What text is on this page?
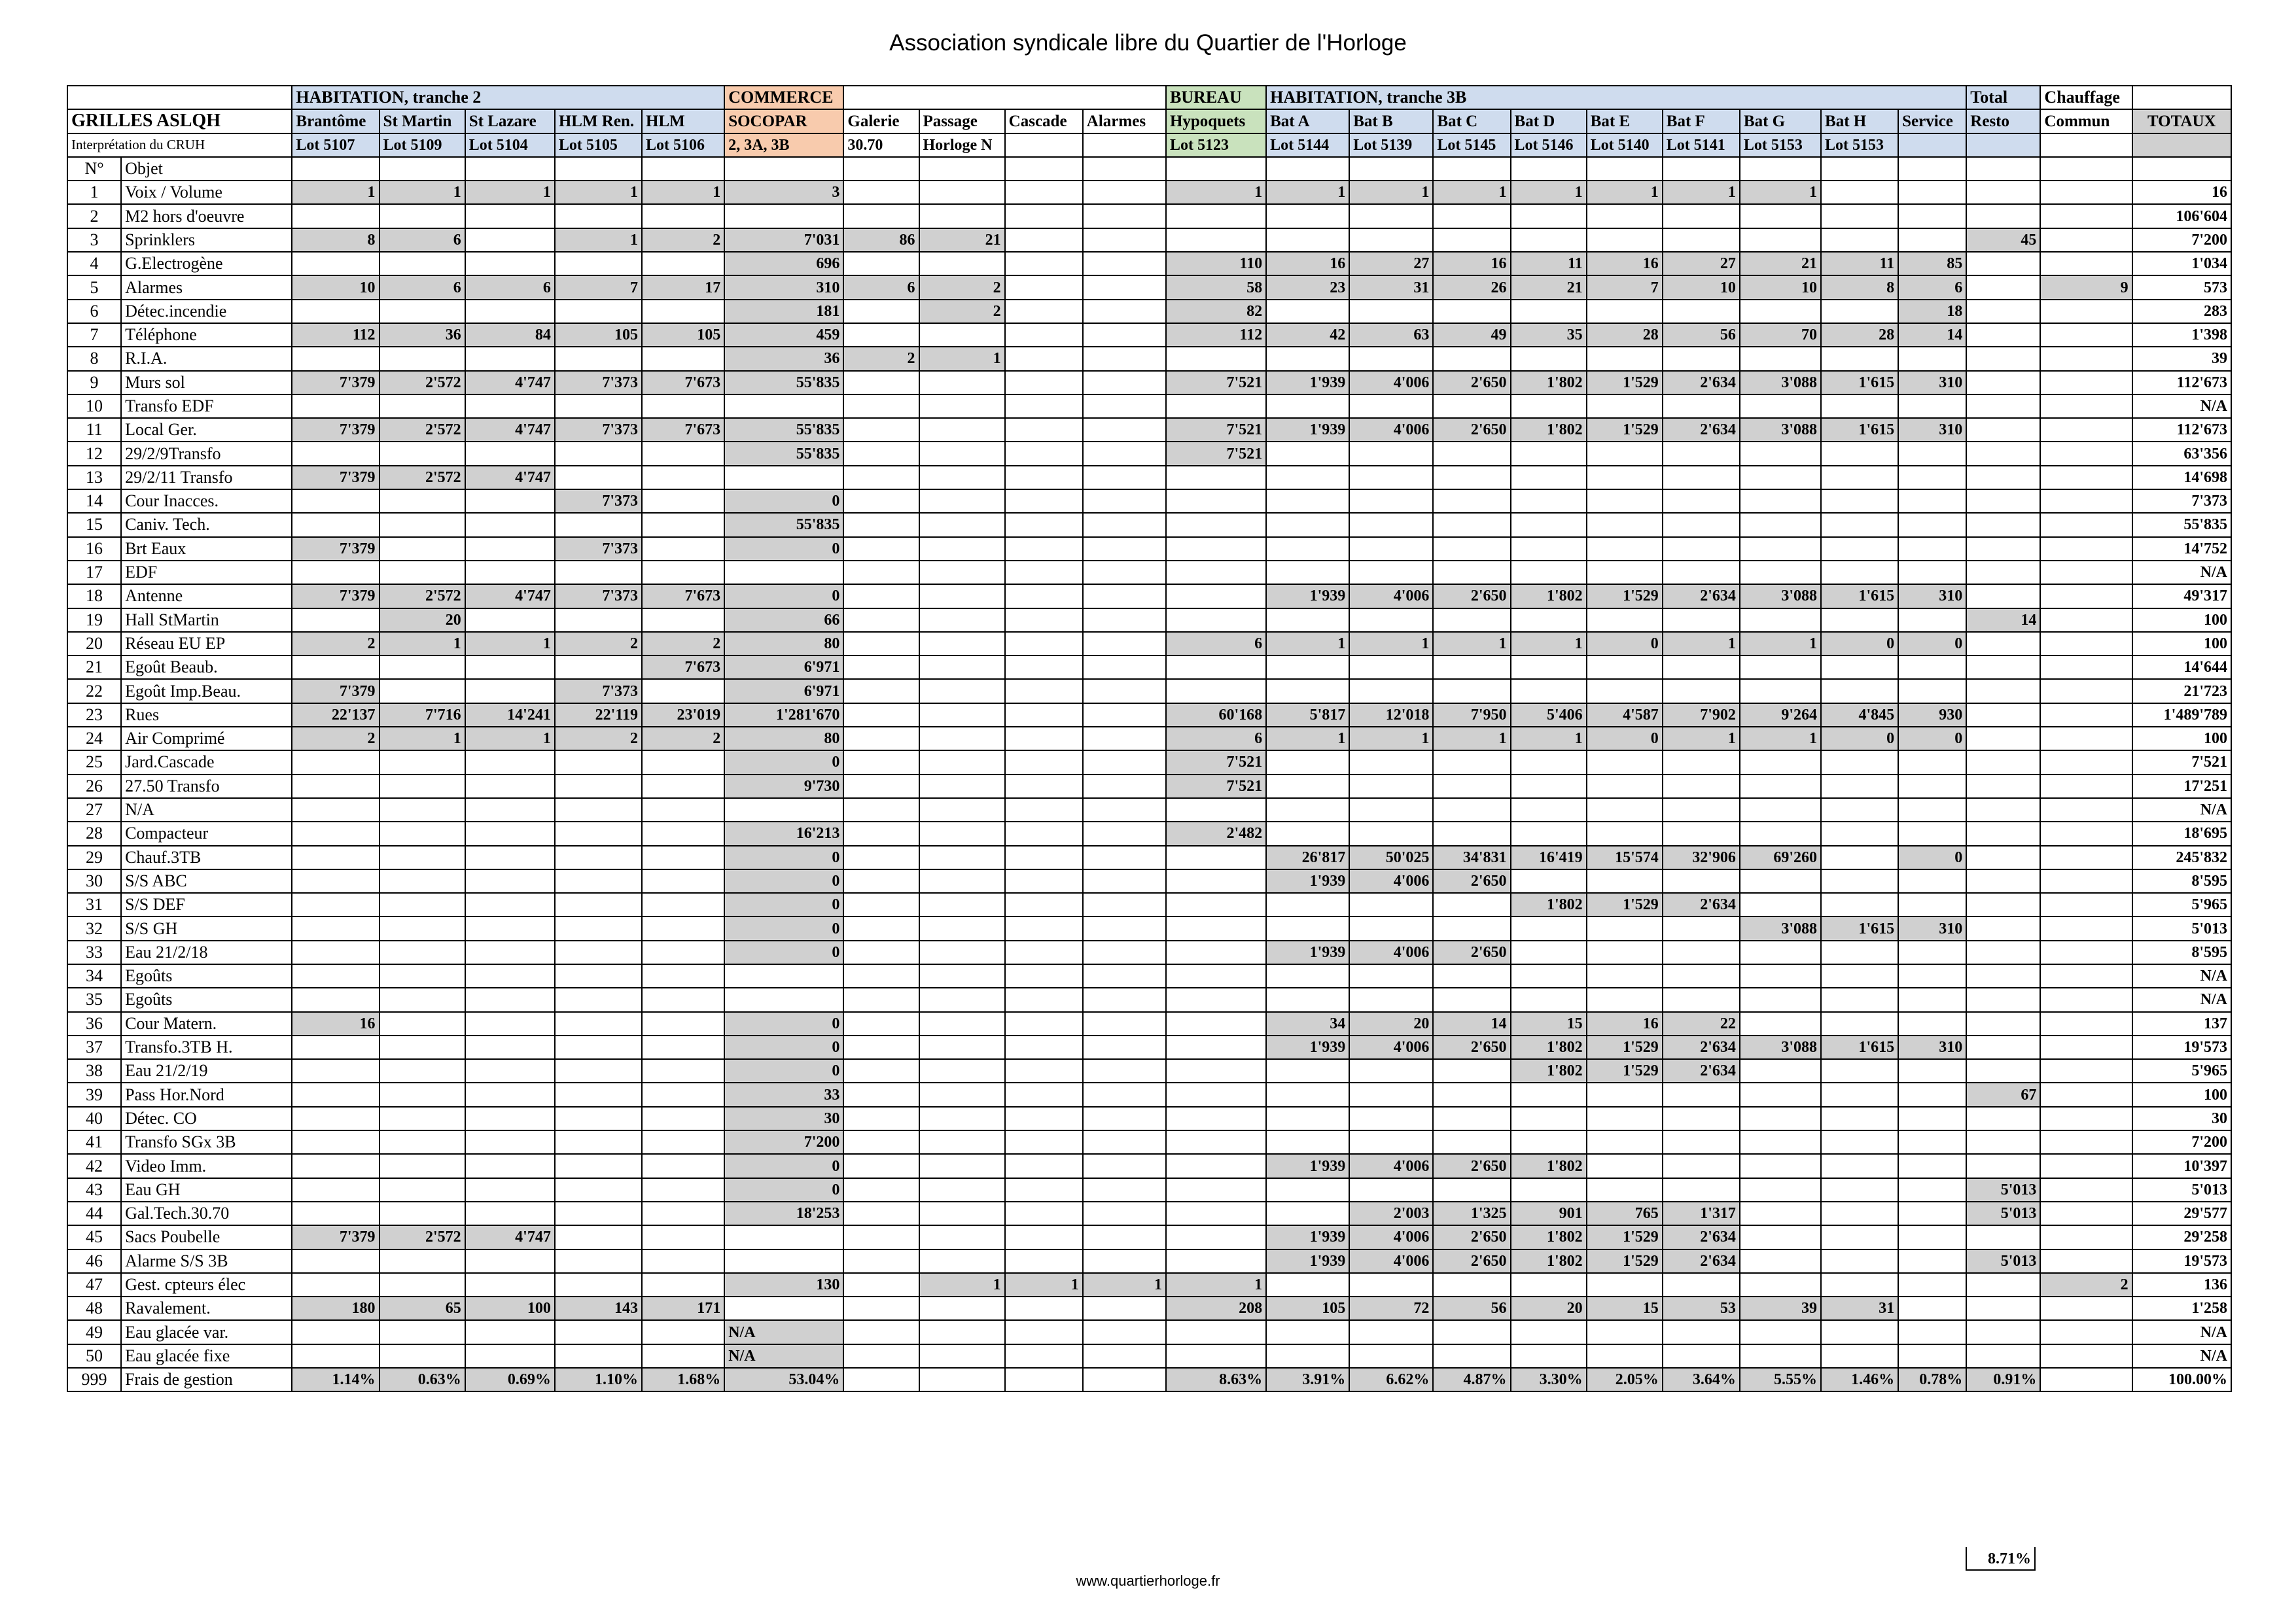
Association syndicale libre du Quartier de l'Horloge
		HABITATION, tranche 2					COMMERCE					BUREAU	HABITATION, tranche 3B									Total	Chauffage	
GRILLES ASLQH		Brantôme	St Martin	St Lazare	HLM Ren.	HLM	SOCOPAR	Galerie	Passage	Cascade	Alarmes	Hypoquets	Bat A	Bat B	Bat C	Bat D	Bat E	Bat F	Bat G	Bat H	Service	Resto	Commun	TOTAUX
Interprétation du CRUH		Lot 5107	Lot 5109	Lot 5104	Lot 5105	Lot 5106	2, 3A, 3B	30.70	Horloge N			Lot 5123	Lot 5144	Lot 5139	Lot 5145	Lot 5146	Lot 5140	Lot 5141	Lot 5153	Lot 5153				
N°	Objet																							
1	Voix / Volume	1	1	1	1	1	3					1	1	1	1	1	1	1	1					16
2	M2 hors d'oeuvre																							106'604
3	Sprinklers	8	6		1	2	7'031	86	21													45		7'200
4	G.Electrogène						696					110	16	27	16	11	16	27	21	11	85			1'034
5	Alarmes	10	6	6	7	17	310	6	2			58	23	31	26	21	7	10	10	8	6		9	573
6	Détec.incendie						181		2			82									18			283
7	Téléphone	112	36	84	105	105	459					112	42	63	49	35	28	56	70	28	14			1'398
8	R.I.A.						36	2	1															39
9	Murs sol	7'379	2'572	4'747	7'373	7'673	55'835					7'521	1'939	4'006	2'650	1'802	1'529	2'634	3'088	1'615	310			112'673
10	Transfo EDF																							N/A
11	Local Ger.	7'379	2'572	4'747	7'373	7'673	55'835					7'521	1'939	4'006	2'650	1'802	1'529	2'634	3'088	1'615	310			112'673
12	29/2/9Transfo						55'835					7'521												63'356
13	29/2/11 Transfo	7'379	2'572	4'747																				14'698
14	Cour Inacces.				7'373		0																	7'373
15	Caniv. Tech.						55'835																	55'835
16	Brt Eaux	7'379			7'373		0																	14'752
17	EDF																							N/A
18	Antenne	7'379	2'572	4'747	7'373	7'673	0						1'939	4'006	2'650	1'802	1'529	2'634	3'088	1'615	310			49'317
19	Hall StMartin		20				66															14		100
20	Réseau EU EP	2	1	1	2	2	80					6	1	1	1	1	0	1	1	0	0			100
21	Egoût Beaub.					7'673	6'971																	14'644
22	Egoût Imp.Beau.	7'379			7'373		6'971																	21'723
23	Rues	22'137	7'716	14'241	22'119	23'019	1'281'670					60'168	5'817	12'018	7'950	5'406	4'587	7'902	9'264	4'845	930			1'489'789
24	Air Comprimé	2	1	1	2	2	80					6	1	1	1	1	0	1	1	0	0			100
25	Jard.Cascade						0					7'521												7'521
26	27.50 Transfo						9'730					7'521												17'251
27	N/A																							N/A
28	Compacteur						16'213					2'482												18'695
29	Chauf.3TB						0						26'817	50'025	34'831	16'419	15'574	32'906	69'260		0			245'832
30	S/S ABC						0						1'939	4'006	2'650									8'595
31	S/S DEF						0									1'802	1'529	2'634						5'965
32	S/S GH						0												3'088	1'615	310			5'013
33	Eau 21/2/18						0						1'939	4'006	2'650									8'595
34	Egoûts																							N/A
35	Egoûts																							N/A
36	Cour Matern.	16					0						34	20	14	15	16	22						137
37	Transfo.3TB H.						0						1'939	4'006	2'650	1'802	1'529	2'634	3'088	1'615	310			19'573
38	Eau 21/2/19						0									1'802	1'529	2'634						5'965
39	Pass Hor.Nord						33															67		100
40	Détec. CO						30																	30
41	Transfo SGx 3B						7'200																	7'200
42	Video Imm.						0						1'939	4'006	2'650	1'802								10'397
43	Eau GH						0															5'013		5'013
44	Gal.Tech.30.70						18'253							2'003	1'325	901	765	1'317				5'013		29'577
45	Sacs Poubelle	7'379	2'572	4'747									1'939	4'006	2'650	1'802	1'529	2'634						29'258
46	Alarme S/S 3B												1'939	4'006	2'650	1'802	1'529	2'634				5'013		19'573
47	Gest. cpteurs élec						130		1	1	1	1											2	136
48	Ravalement.	180	65	100	143	171						208	105	72	56	20	15	53	39	31				1'258
49	Eau glacée var.						N/A																	N/A
50	Eau glacée fixe						N/A																	N/A
999	Frais de gestion	1.14%	0.63%	0.69%	1.10%	1.68%	53.04%					8.63%	3.91%	6.62%	4.87%	3.30%	2.05%	3.64%	5.55%	1.46%	0.78%	0.91%		100.00%
8.71%
www.quartierhorloge.fr
